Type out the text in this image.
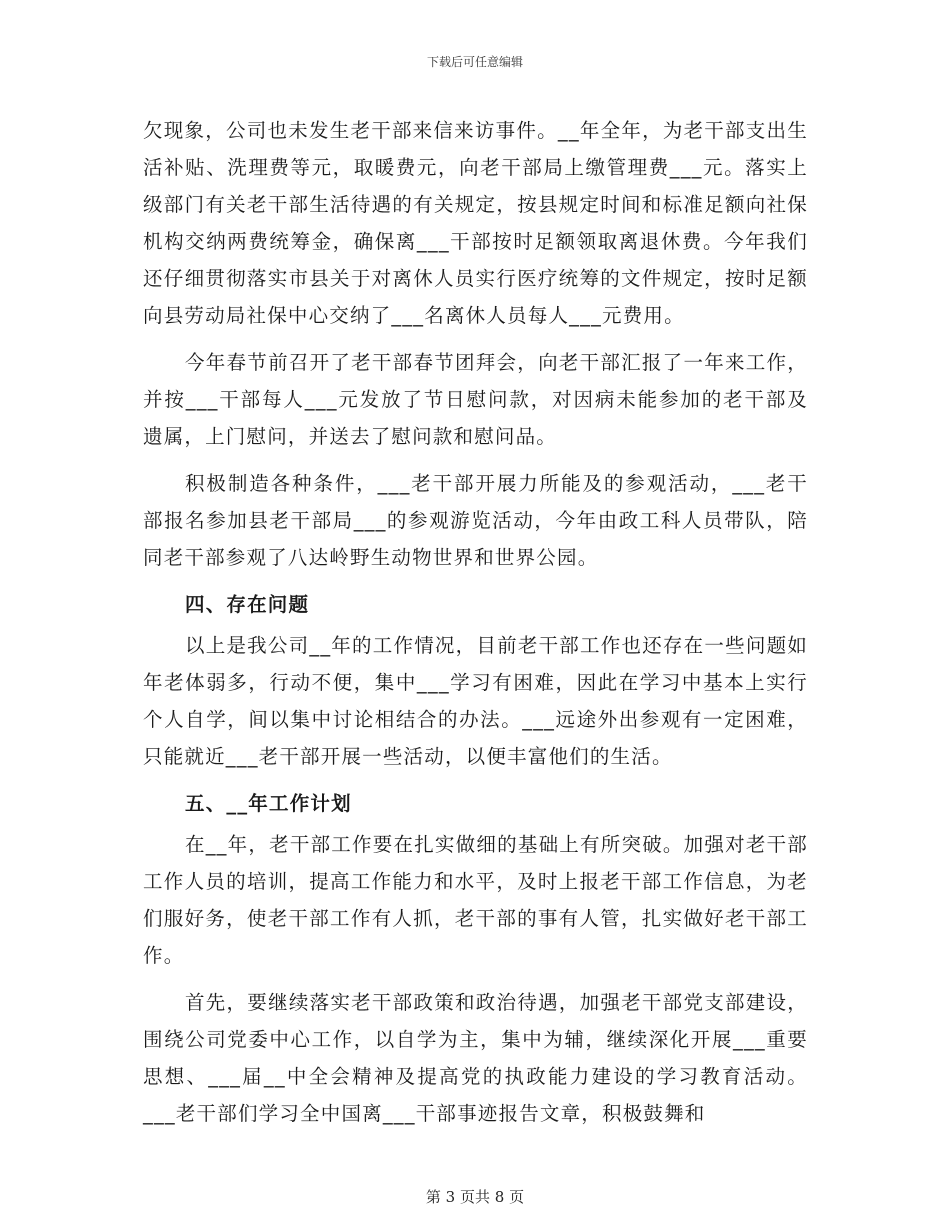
下载后可任意编辑

欠现象，公司也未发生老干部来信来访事件。__年全年，为老干部支出生活补贴、洗理费等元，取暖费元，向老干部局上缴管理费___元。落实上级部门有关老干部生活待遇的有关规定，按县规定时间和标准足额向社保机构交纳两费统筹金，确保离___干部按时足额领取离退休费。今年我们还仔细贯彻落实市县关于对离休人员实行医疗统筹的文件规定，按时足额向县劳动局社保中心交纳了___名离休人员每人___元费用。

今年春节前召开了老干部春节团拜会，向老干部汇报了一年来工作，并按___干部每人___元发放了节日慰问款，对因病未能参加的老干部及遗属，上门慰问，并送去了慰问款和慰问品。

积极制造各种条件，___老干部开展力所能及的参观活动，___老干部报名参加县老干部局___的参观游览活动，今年由政工科人员带队，陪同老干部参观了八达岭野生动物世界和世界公园。

四、存在问题

以上是我公司__年的工作情况，目前老干部工作也还存在一些问题如年老体弱多，行动不便，集中___学习有困难，因此在学习中基本上实行个人自学，间以集中讨论相结合的办法。___远途外出参观有一定困难，只能就近___老干部开展一些活动，以便丰富他们的生活。

五、__年工作计划

在__年，老干部工作要在扎实做细的基础上有所突破。加强对老干部工作人员的培训，提高工作能力和水平，及时上报老干部工作信息，为老们服好务，使老干部工作有人抓，老干部的事有人管，扎实做好老干部工作。

首先，要继续落实老干部政策和政治待遇，加强老干部党支部建设，围绕公司党委中心工作，以自学为主，集中为辅，继续深化开展___重要思想、___届__中全会精神及提高党的执政能力建设的学习教育活动。___老干部们学习全中国离___干部事迹报告文章，积极鼓舞和

第 3 页共 8 页
